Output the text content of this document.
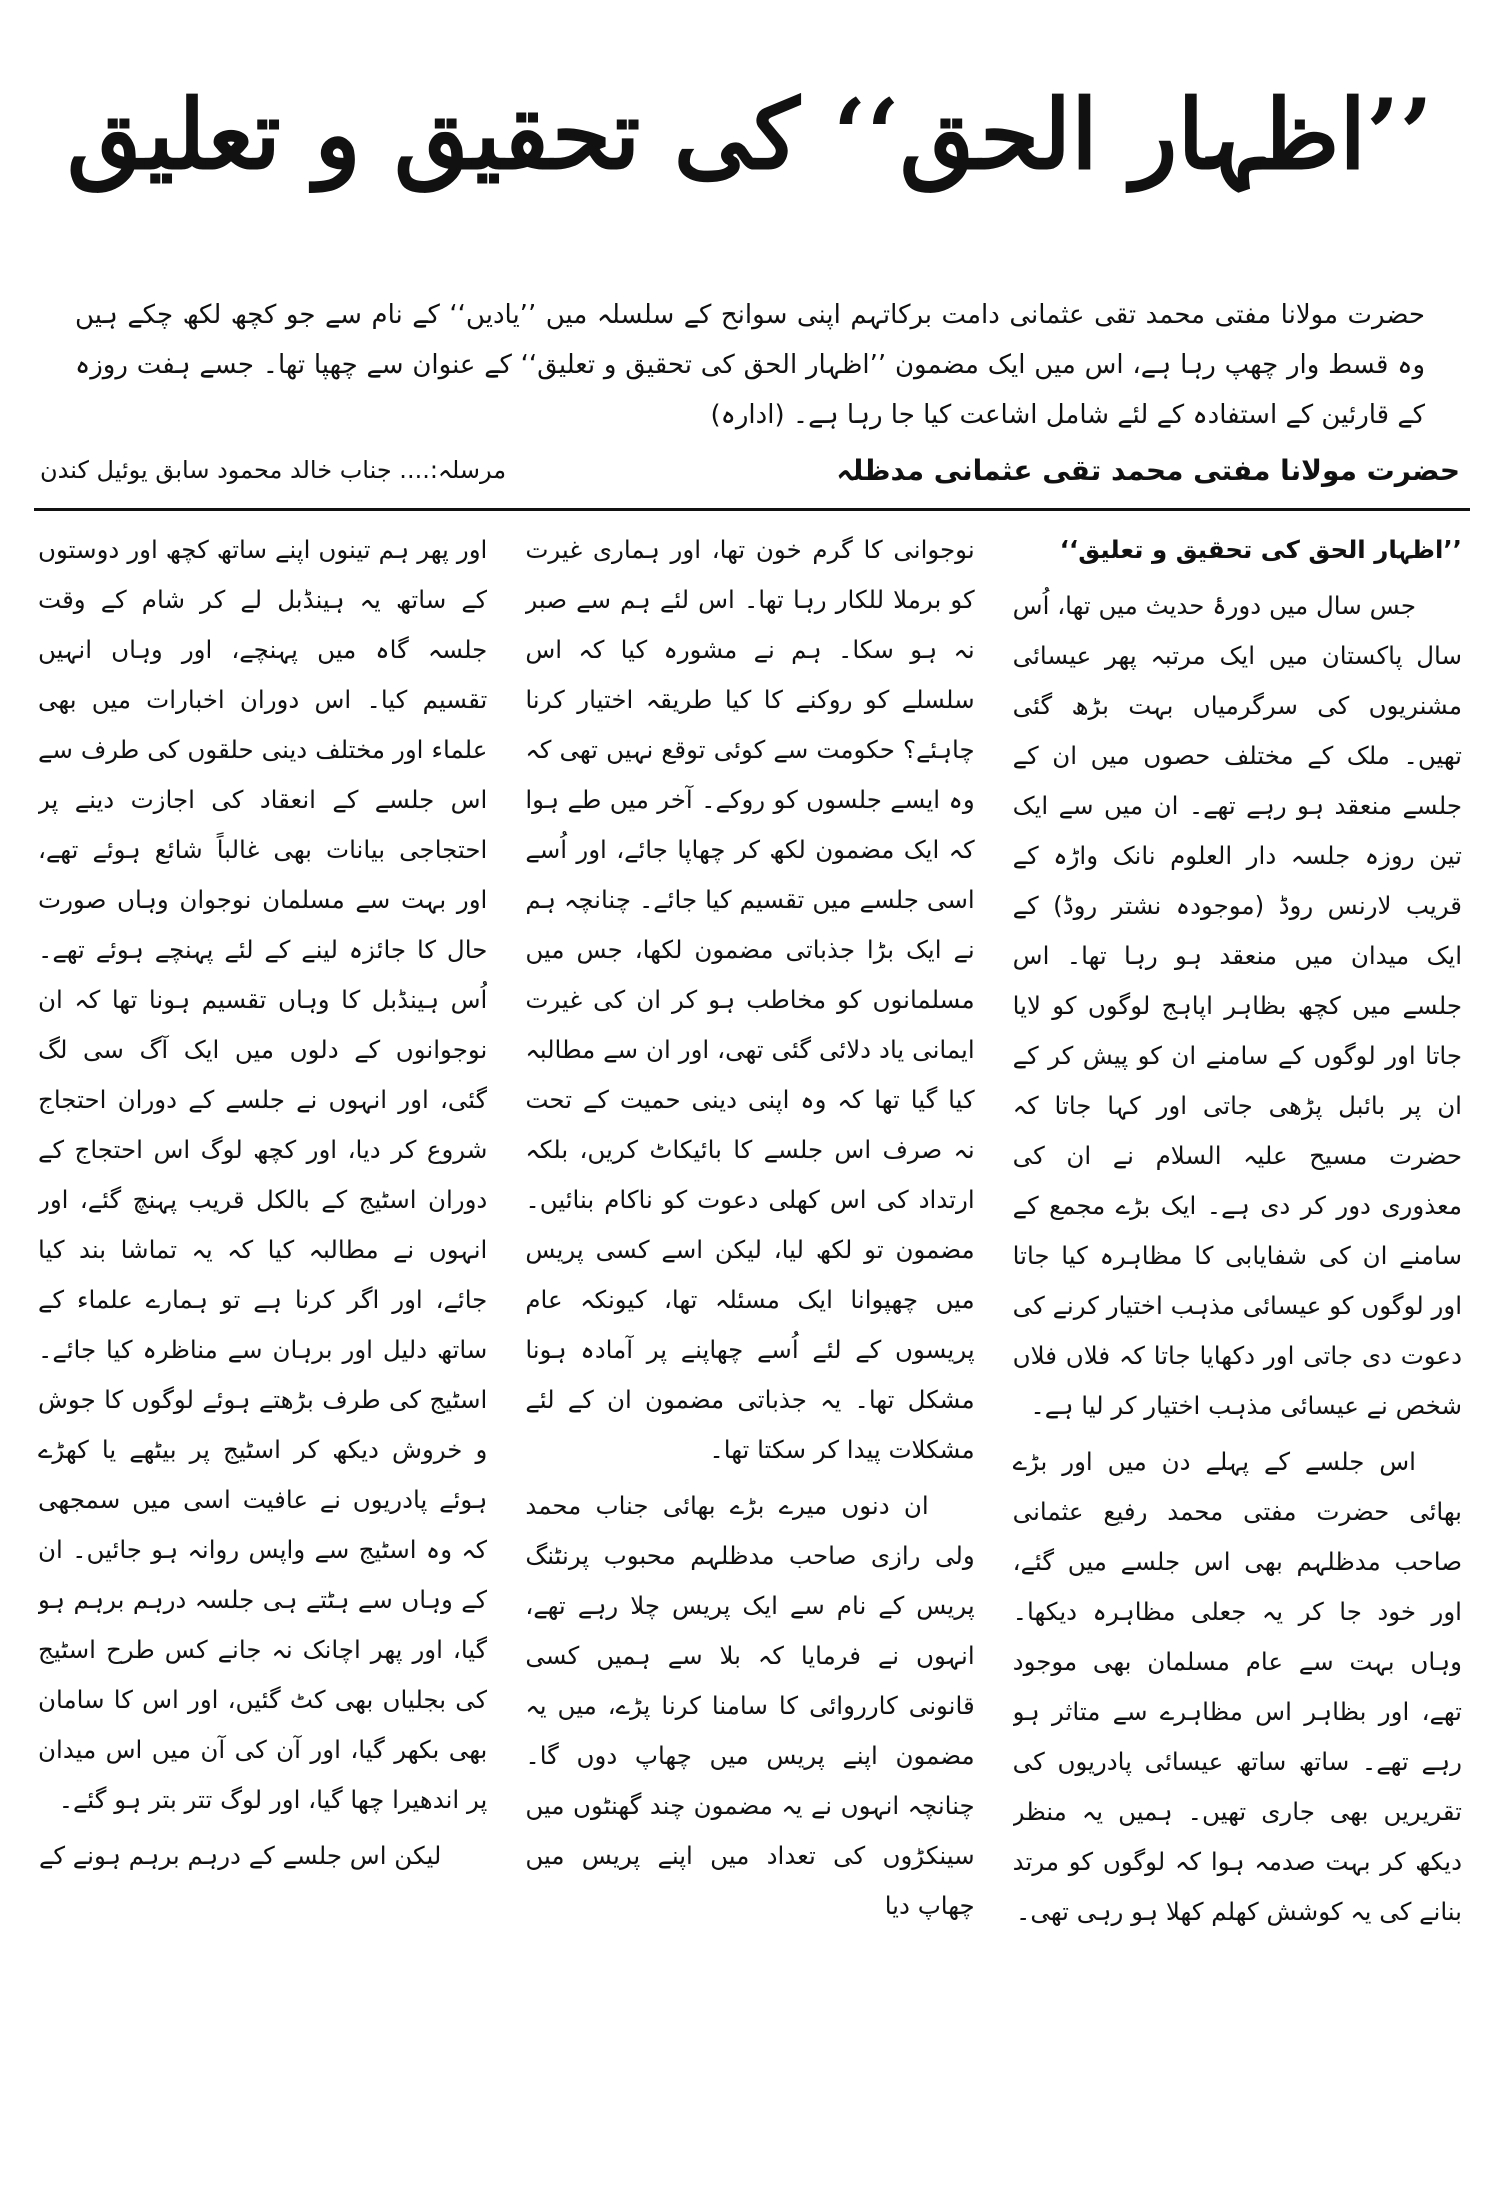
’’اظہار الحق‘‘ کی تحقیق و تعلیق
حضرت مولانا مفتی محمد تقی عثمانی دامت برکاتہم اپنی سوانح کے سلسلہ میں ’’یادیں‘‘ کے نام سے جو کچھ لکھ چکے ہیں وہ قسط وار چھپ رہا ہے، اس میں ایک مضمون ’’اظہار الحق کی تحقیق و تعلیق‘‘ کے عنوان سے چھپا تھا۔ جسے ہفت روزہ کے قارئین کے استفادہ کے لئے شامل اشاعت کیا جا رہا ہے۔ (ادارہ)
حضرت مولانا مفتی محمد تقی عثمانی مدظلہ
مرسلہ:.... جناب خالد محمود سابق یوئیل کندن

’’اظہار الحق کی تحقیق و تعلیق‘‘

جس سال میں دورۂ حدیث میں تھا، اُس سال پاکستان میں ایک مرتبہ پھر عیسائی مشنریوں کی سرگرمیاں بہت بڑھ گئی تھیں۔ ملک کے مختلف حصوں میں ان کے جلسے منعقد ہو رہے تھے۔ ان میں سے ایک تین روزہ جلسہ دار العلوم نانک واڑہ کے قریب لارنس روڈ (موجودہ نشتر روڈ) کے ایک میدان میں منعقد ہو رہا تھا۔ اس جلسے میں کچھ بظاہر اپاہج لوگوں کو لایا جاتا اور لوگوں کے سامنے ان کو پیش کر کے ان پر بائبل پڑھی جاتی اور کہا جاتا کہ حضرت مسیح علیہ السلام نے ان کی معذوری دور کر دی ہے۔ ایک بڑے مجمع کے سامنے ان کی شفایابی کا مظاہرہ کیا جاتا اور لوگوں کو عیسائی مذہب اختیار کرنے کی دعوت دی جاتی اور دکھایا جاتا کہ فلاں فلاں شخص نے عیسائی مذہب اختیار کر لیا ہے۔

اس جلسے کے پہلے دن میں اور بڑے بھائی حضرت مفتی محمد رفیع عثمانی صاحب مدظلہم بھی اس جلسے میں گئے، اور خود جا کر یہ جعلی مظاہرہ دیکھا۔ وہاں بہت سے عام مسلمان بھی موجود تھے، اور بظاہر اس مظاہرے سے متاثر ہو رہے تھے۔ ساتھ ساتھ عیسائی پادریوں کی تقریریں بھی جاری تھیں۔ ہمیں یہ منظر دیکھ کر بہت صدمہ ہوا کہ لوگوں کو مرتد بنانے کی یہ کوشش کھلم کھلا ہو رہی تھی۔

نوجوانی کا گرم خون تھا، اور ہماری غیرت کو برملا للکار رہا تھا۔ اس لئے ہم سے صبر نہ ہو سکا۔ ہم نے مشورہ کیا کہ اس سلسلے کو روکنے کا کیا طریقہ اختیار کرنا چاہئے؟ حکومت سے کوئی توقع نہیں تھی کہ وہ ایسے جلسوں کو روکے۔ آخر میں طے ہوا کہ ایک مضمون لکھ کر چھاپا جائے، اور اُسے اسی جلسے میں تقسیم کیا جائے۔ چنانچہ ہم نے ایک بڑا جذباتی مضمون لکھا، جس میں مسلمانوں کو مخاطب ہو کر ان کی غیرت ایمانی یاد دلائی گئی تھی، اور ان سے مطالبہ کیا گیا تھا کہ وہ اپنی دینی حمیت کے تحت نہ صرف اس جلسے کا بائیکاٹ کریں، بلکہ ارتداد کی اس کھلی دعوت کو ناکام بنائیں۔ مضمون تو لکھ لیا، لیکن اسے کسی پریس میں چھپوانا ایک مسئلہ تھا، کیونکہ عام پریسوں کے لئے اُسے چھاپنے پر آمادہ ہونا مشکل تھا۔ یہ جذباتی مضمون ان کے لئے مشکلات پیدا کر سکتا تھا۔

ان دنوں میرے بڑے بھائی جناب محمد ولی رازی صاحب مدظلہم محبوب پرنٹنگ پریس کے نام سے ایک پریس چلا رہے تھے، انہوں نے فرمایا کہ بلا سے ہمیں کسی قانونی کارروائی کا سامنا کرنا پڑے، میں یہ مضمون اپنے پریس میں چھاپ دوں گا۔ چنانچہ انہوں نے یہ مضمون چند گھنٹوں میں سینکڑوں کی تعداد میں اپنے پریس میں چھاپ دیا

اور پھر ہم تینوں اپنے ساتھ کچھ اور دوستوں کے ساتھ یہ ہینڈبل لے کر شام کے وقت جلسہ گاہ میں پہنچے، اور وہاں انہیں تقسیم کیا۔ اس دوران اخبارات میں بھی علماء اور مختلف دینی حلقوں کی طرف سے اس جلسے کے انعقاد کی اجازت دینے پر احتجاجی بیانات بھی غالباً شائع ہوئے تھے، اور بہت سے مسلمان نوجوان وہاں صورت حال کا جائزہ لینے کے لئے پہنچے ہوئے تھے۔ اُس ہینڈبل کا وہاں تقسیم ہونا تھا کہ ان نوجوانوں کے دلوں میں ایک آگ سی لگ گئی، اور انہوں نے جلسے کے دوران احتجاج شروع کر دیا، اور کچھ لوگ اس احتجاج کے دوران اسٹیج کے بالکل قریب پہنچ گئے، اور انہوں نے مطالبہ کیا کہ یہ تماشا بند کیا جائے، اور اگر کرنا ہے تو ہمارے علماء کے ساتھ دلیل اور برہان سے مناظرہ کیا جائے۔ اسٹیج کی طرف بڑھتے ہوئے لوگوں کا جوش و خروش دیکھ کر اسٹیج پر بیٹھے یا کھڑے ہوئے پادریوں نے عافیت اسی میں سمجھی کہ وہ اسٹیج سے واپس روانہ ہو جائیں۔ ان کے وہاں سے ہٹتے ہی جلسہ درہم برہم ہو گیا، اور پھر اچانک نہ جانے کس طرح اسٹیج کی بجلیاں بھی کٹ گئیں، اور اس کا سامان بھی بکھر گیا، اور آن کی آن میں اس میدان پر اندھیرا چھا گیا، اور لوگ تتر بتر ہو گئے۔

لیکن اس جلسے کے درہم برہم ہونے کے
